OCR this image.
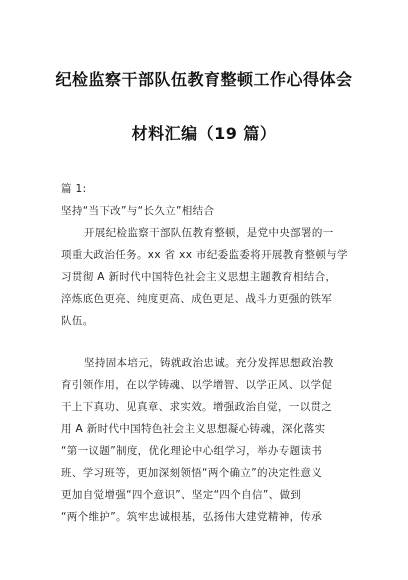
纪检监察干部队伍教育整顿工作心得体会
材料汇编（19 篇）
篇 1:
坚持“当下改”与“长久立”相结合
开展纪检监察干部队伍教育整顿，是党中央部署的一
项重大政治任务。xx 省 xx 市纪委监委将开展教育整顿与学
习贯彻 A 新时代中国特色社会主义思想主题教育相结合，
淬炼底色更亮、纯度更高、成色更足、战斗力更强的铁军
队伍。
坚持固本培元，铸就政治忠诚。充分发挥思想政治教
育引领作用，在以学铸魂、以学增智、以学正风、以学促
干上下真功、见真章、求实效。增强政治自觉，一以贯之
用 A 新时代中国特色社会主义思想凝心铸魂，深化落实
“第一议题”制度，优化理论中心组学习，举办专题读书
班、学习班等，更加深刻领悟“两个确立”的决定性意义
更加自觉增强“四个意识”、坚定“四个自信”、做到
“两个维护”。筑牢忠诚根基，弘扬伟大建党精神，传承
